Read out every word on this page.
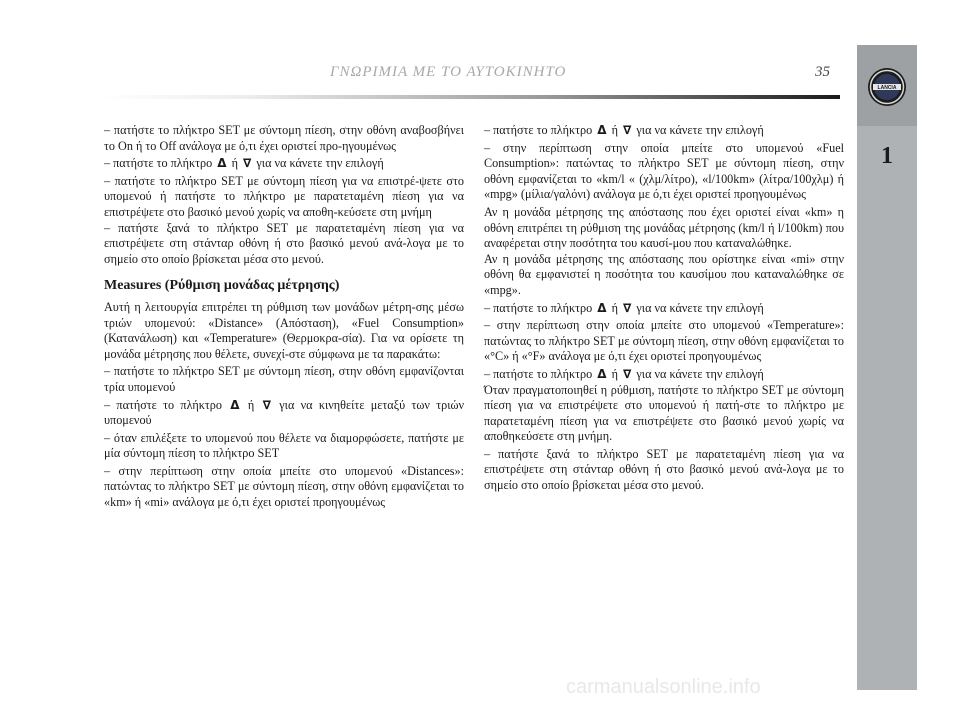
ΓΝΩΡΙΜΙΑ ΜΕ ΤΟ ΑΥΤΟΚΙΝΗΤΟ	35
LANCIA
1

– πατήστε το πλήκτρο SET με σύντομη πίεση, στην οθόνη αναβοσβήνει το On ή το Off ανάλογα με ό,τι έχει οριστεί προ-ηγουμένως

– πατήστε το πλήκτρο Δ ή ∇ για να κάνετε την επιλογή

– πατήστε το πλήκτρο SET με σύντομη πίεση για να επιστρέ-ψετε στο υπομενού ή πατήστε το πλήκτρο με παρατεταμένη πίεση για να επιστρέψετε στο βασικό μενού χωρίς να αποθη-κεύσετε στη μνήμη

– πατήστε ξανά το πλήκτρο SET με παρατεταμένη πίεση για να επιστρέψετε στη στάνταρ οθόνη ή στο βασικό μενού ανά-λογα με το σημείο στο οποίο βρίσκεται μέσα στο μενού.

Measures (Ρύθμιση μονάδας μέτρησης)

Αυτή η λειτουργία επιτρέπει τη ρύθμιση των μονάδων μέτρη-σης μέσω τριών υπομενού: «Distance» (Απόσταση), «Fuel Consumption» (Κατανάλωση) και «Temperature» (Θερμοκρα-σία). Για να ορίσετε τη μονάδα μέτρησης που θέλετε, συνεχί-στε σύμφωνα με τα παρακάτω:

– πατήστε το πλήκτρο SET με σύντομη πίεση, στην οθόνη εμφανίζονται τρία υπομενού

– πατήστε το πλήκτρο Δ ή ∇ για να κινηθείτε μεταξύ των τριών υπομενού

– όταν επιλέξετε το υπομενού που θέλετε να διαμορφώσετε, πατήστε με μία σύντομη πίεση το πλήκτρο SET

– στην περίπτωση στην οποία μπείτε στο υπομενού «Distances»: πατώντας το πλήκτρο SET με σύντομη πίεση, στην οθόνη εμφανίζεται το «km» ή «mi» ανάλογα με ό,τι έχει οριστεί προηγουμένως

– πατήστε το πλήκτρο Δ ή ∇ για να κάνετε την επιλογή

– στην περίπτωση στην οποία μπείτε στο υπομενού «Fuel Consumption»: πατώντας το πλήκτρο SET με σύντομη πίεση, στην οθόνη εμφανίζεται το «km/l « (χλμ/λίτρο), «l/100km» (λίτρα/100χλμ) ή «mpg» (μίλια/γαλόνι) ανάλογα με ό,τι έχει οριστεί προηγουμένως

Αν η μονάδα μέτρησης της απόστασης που έχει οριστεί είναι «km» η οθόνη επιτρέπει τη ρύθμιση της μονάδας μέτρησης (km/l ή l/100km) που αναφέρεται στην ποσότητα του καυσί-μου που καταναλώθηκε.

Αν η μονάδα μέτρησης της απόστασης που ορίστηκε είναι «mi» στην οθόνη θα εμφανιστεί η ποσότητα του καυσίμου που καταναλώθηκε σε «mpg».

– πατήστε το πλήκτρο Δ ή ∇ για να κάνετε την επιλογή

– στην περίπτωση στην οποία μπείτε στο υπομενού «Temperature»: πατώντας το πλήκτρο SET με σύντομη πίεση, στην οθόνη εμφανίζεται το «°C» ή «°F» ανάλογα με ό,τι έχει οριστεί προηγουμένως

– πατήστε το πλήκτρο Δ ή ∇ για να κάνετε την επιλογή

Όταν πραγματοποιηθεί η ρύθμιση, πατήστε το πλήκτρο SET με σύντομη πίεση για να επιστρέψετε στο υπομενού ή πατή-στε το πλήκτρο με παρατεταμένη πίεση για να επιστρέψετε στο βασικό μενού χωρίς να αποθηκεύσετε στη μνήμη.

– πατήστε ξανά το πλήκτρο SET με παρατεταμένη πίεση για να επιστρέψετε στη στάνταρ οθόνη ή στο βασικό μενού ανά-λογα με το σημείο στο οποίο βρίσκεται μέσα στο μενού.

carmanualsonline.info
